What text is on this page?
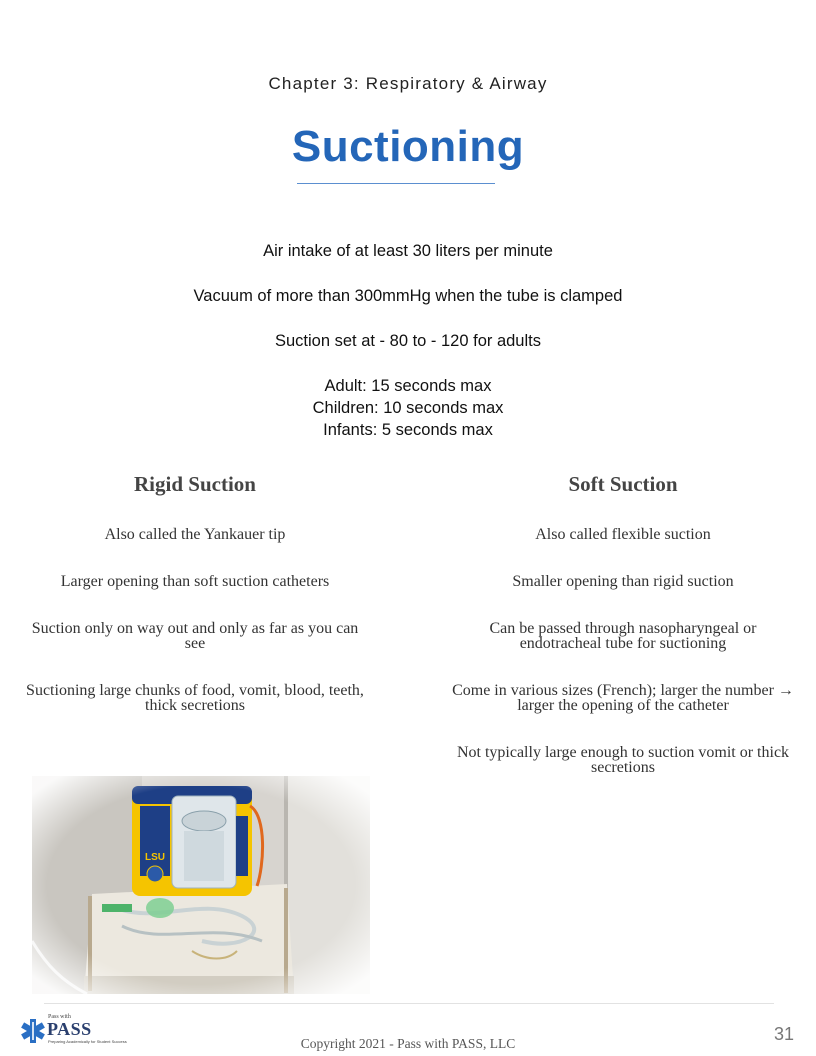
Chapter 3: Respiratory & Airway
Suctioning

Air intake of at least 30 liters per minute

Vacuum of more than 300mmHg when the tube is clamped

Suction set at - 80 to - 120 for adults

Adult: 15 seconds max

Children: 10 seconds max

Infants: 5 seconds max

Rigid Suction
Also called the Yankauer tip
Larger opening than soft suction catheters
Suction only on way out and only as far as you can see
Suctioning large chunks of food, vomit, blood, teeth, thick secretions
Soft Suction
Also called flexible suction
Smaller opening than rigid suction
Can be passed through nasopharyngeal or endotracheal tube for suctioning
Come in various sizes (French); larger the number → larger the opening of the catheter
Not typically large enough to suction vomit or thick secretions
Pass with
PASS
Preparing Academically for Student Success	Copyright 2021 - Pass with PASS, LLC	31
